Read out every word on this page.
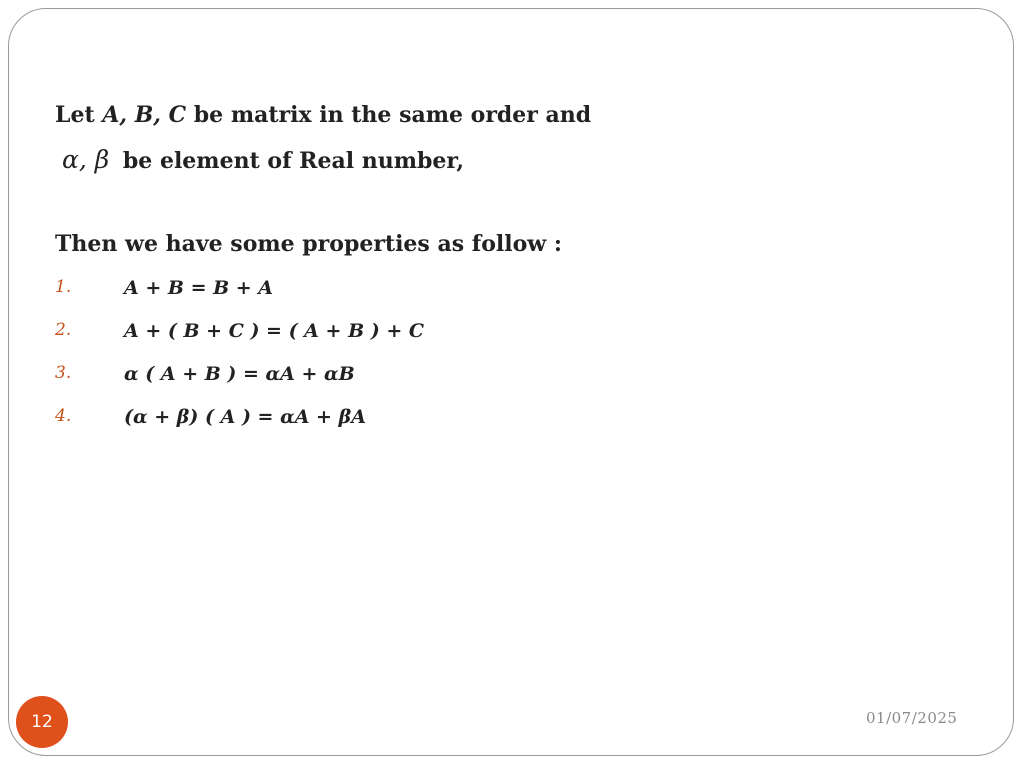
Let A, B, C be matrix in the same order and
α, β be element of Real number,
Then we have some properties as follow :
1.	A + B = B + A
2.	A + ( B + C ) = ( A + B ) + C
3.	α ( A + B ) = αA + αB
4.	(α + β) ( A ) = αA + βA
12	01/07/2025
